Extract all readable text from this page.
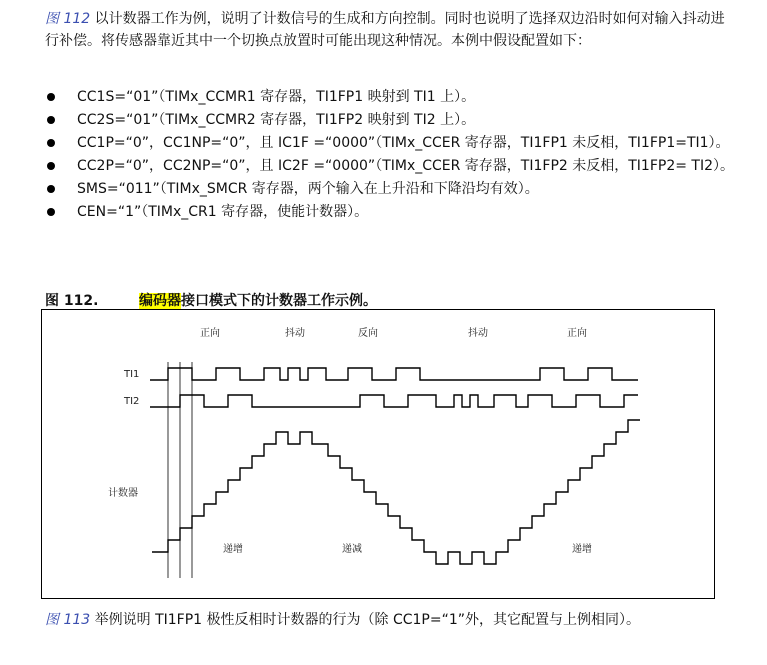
图 112 以计数器工作为例，说明了计数信号的生成和方向控制。同时也说明了选择双边沿时如何对输入抖动进行补偿。将传感器靠近其中一个切换点放置时可能出现这种情况。本例中假设配置如下：
CC1S=“01”（TIMx_CCMR1 寄存器，TI1FP1 映射到 TI1 上）。
CC2S=“01”（TIMx_CCMR2 寄存器，TI1FP2 映射到 TI2 上）。
CC1P=“0”，CC1NP=“0”，且 IC1F =“0000”（TIMx_CCER 寄存器，TI1FP1 未反相，TI1FP1=TI1）。
CC2P=“0”，CC2NP=“0”，且 IC2F =“0000”（TIMx_CCER 寄存器，TI1FP2 未反相，TI1FP2= TI2）。
SMS=“011”（TIMx_SMCR 寄存器，两个输入在上升沿和下降沿均有效）。
CEN=“1”（TIMx_CR1 寄存器，使能计数器）。
图 112.	编码器接口模式下的计数器工作示例。
正向	抖动	反向	抖动	正向
TI1
TI2
计数器
递增	递减	递增
图 113 举例说明 TI1FP1 极性反相时计数器的行为（除 CC1P=“1”外，其它配置与上例相同）。
